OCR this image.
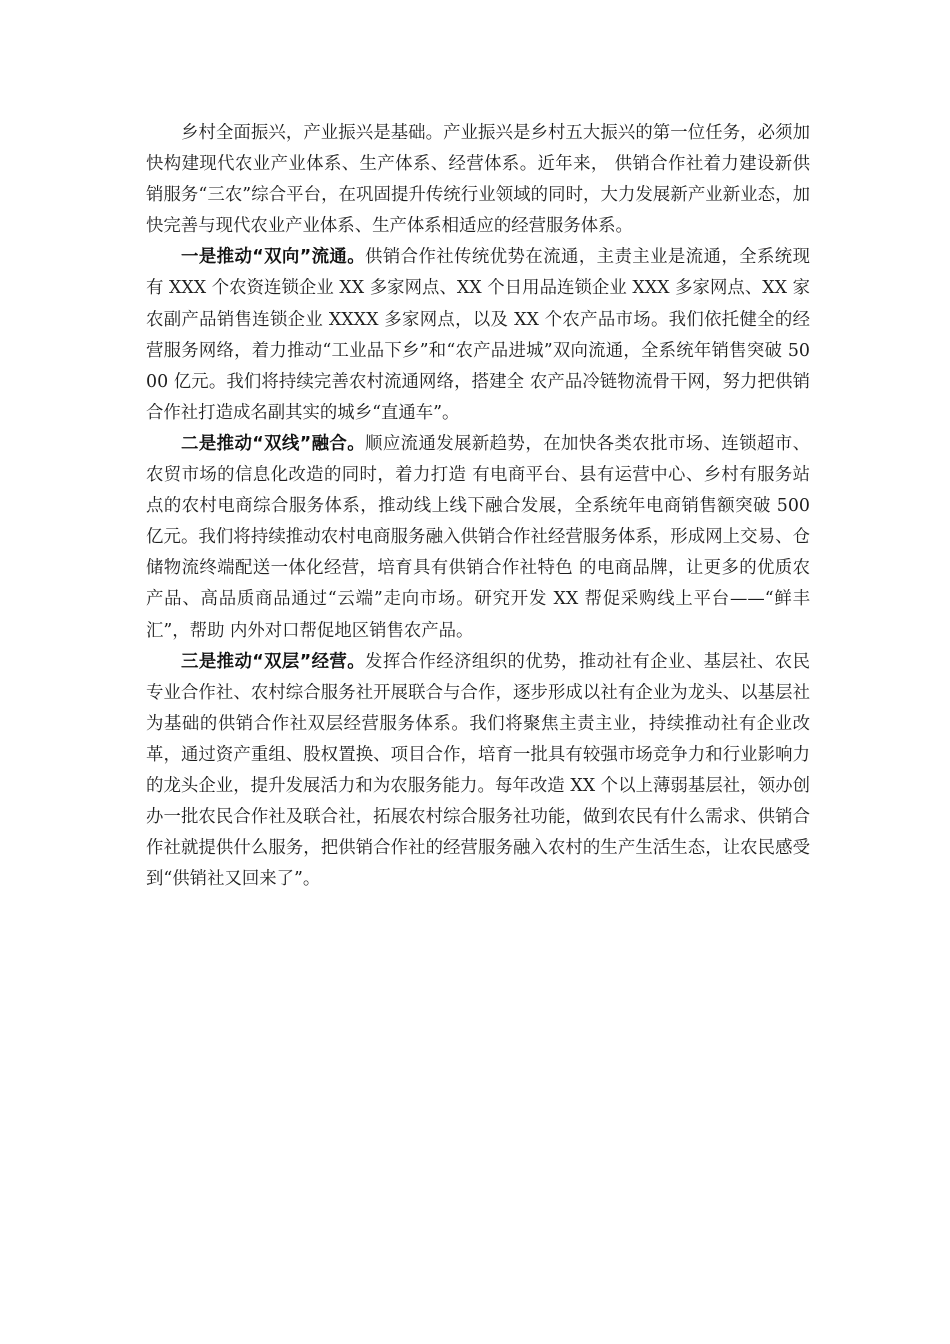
乡村全面振兴，产业振兴是基础。产业振兴是乡村五大振兴的第一位任务，必须加快构建现代农业产业体系、生产体系、经营体系。近年来， 供销合作社着力建设新供销服务“三农”综合平台，在巩固提升传统行业领域的同时，大力发展新产业新业态，加快完善与现代农业产业体系、生产体系相适应的经营服务体系。

一是推动“双向”流通。供销合作社传统优势在流通，主责主业是流通，全系统现有 XXX 个农资连锁企业 XX 多家网点、XX 个日用品连锁企业 XXX 多家网点、XX 家农副产品销售连锁企业 XXXX 多家网点，以及 XX 个农产品市场。我们依托健全的经营服务网络，着力推动“工业品下乡”和“农产品进城”双向流通，全系统年销售突破 5000 亿元。我们将持续完善农村流通网络，搭建全 农产品冷链物流骨干网，努力把供销合作社打造成名副其实的城乡“直通车”。

二是推动“双线”融合。顺应流通发展新趋势，在加快各类农批市场、连锁超市、农贸市场的信息化改造的同时，着力打造 有电商平台、县有运营中心、乡村有服务站点的农村电商综合服务体系，推动线上线下融合发展，全系统年电商销售额突破 500 亿元。我们将持续推动农村电商服务融入供销合作社经营服务体系，形成网上交易、仓储物流终端配送一体化经营，培育具有供销合作社特色 的电商品牌，让更多的优质农产品、高品质商品通过“云端”走向市场。研究开发 XX 帮促采购线上平台——“鲜丰汇”，帮助 内外对口帮促地区销售农产品。

三是推动“双层”经营。发挥合作经济组织的优势，推动社有企业、基层社、农民专业合作社、农村综合服务社开展联合与合作，逐步形成以社有企业为龙头、以基层社为基础的供销合作社双层经营服务体系。我们将聚焦主责主业，持续推动社有企业改革，通过资产重组、股权置换、项目合作，培育一批具有较强市场竞争力和行业影响力的龙头企业，提升发展活力和为农服务能力。每年改造 XX 个以上薄弱基层社，领办创办一批农民合作社及联合社，拓展农村综合服务社功能，做到农民有什么需求、供销合作社就提供什么服务，把供销合作社的经营服务融入农村的生产生活生态，让农民感受到“供销社又回来了”。
